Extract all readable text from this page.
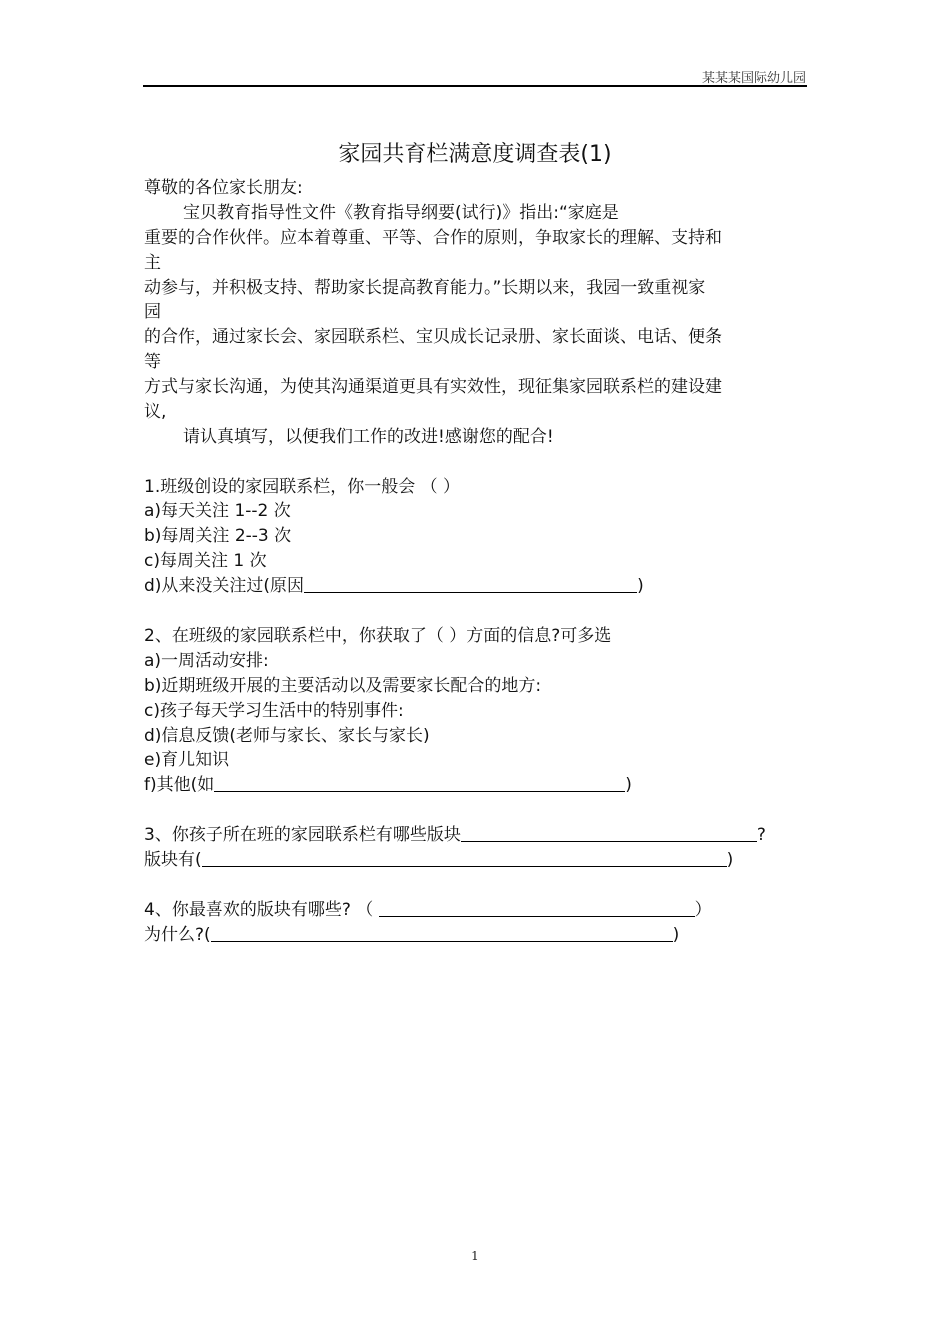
某某某国际幼儿园
家园共育栏满意度调查表(1)
尊敬的各位家长朋友:
宝贝教育指导性文件《教育指导纲要(试行)》指出:“家庭是
重要的合作伙伴。应本着尊重、平等、合作的原则，争取家长的理解、支持和
主
动参与，并积极支持、帮助家长提高教育能力。”长期以来，我园一致重视家
园
的合作，通过家长会、家园联系栏、宝贝成长记录册、家长面谈、电话、便条
等
方式与家长沟通，为使其沟通渠道更具有实效性，现征集家园联系栏的建设建
议,
请认真填写，以便我们工作的改进!感谢您的配合!
1.班级创设的家园联系栏，你一般会 （ ）
a)每天关注 1--2 次
b)每周关注 2--3 次
c)每周关注 1 次
d)从来没关注过(原因	)
2、在班级的家园联系栏中，你获取了（ ）方面的信息?可多选
a)一周活动安排:
b)近期班级开展的主要活动以及需要家长配合的地方:
c)孩子每天学习生活中的特别事件:
d)信息反馈(老师与家长、家长与家长)
e)育儿知识
f)其他(如	)
3、你孩子所在班的家园联系栏有哪些版块	?
版块有(	)
4、你最喜欢的版块有哪些? （	）
为什么?(	)
1
